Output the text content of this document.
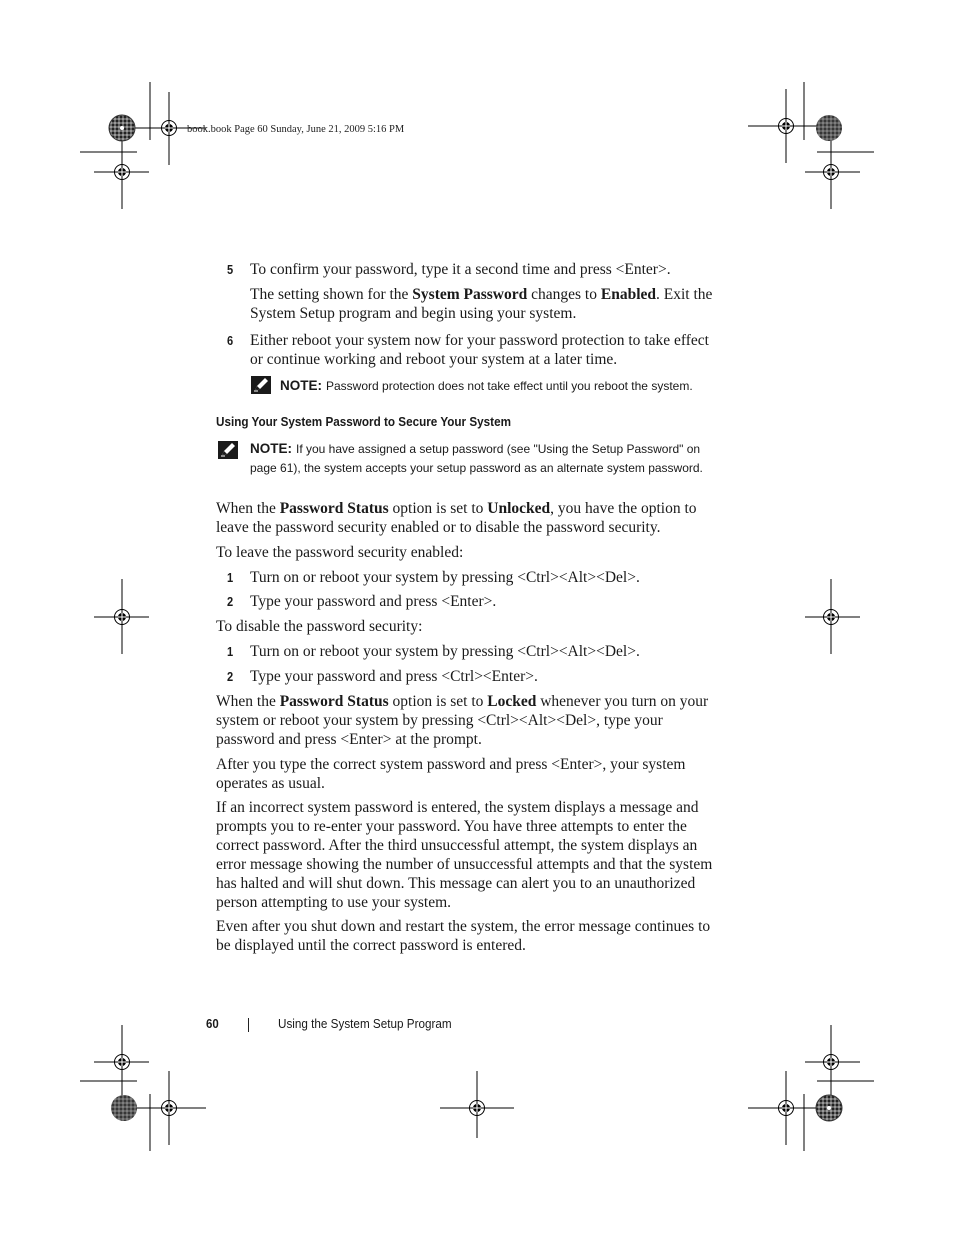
book.book Page 60 Sunday, June 21, 2009 5:16 PM
5 To confirm your password, type it a second time and press <Enter>.
The setting shown for the System Password changes to Enabled. Exit the System Setup program and begin using your system.
6 Either reboot your system now for your password protection to take effect or continue working and reboot your system at a later time.
NOTE: Password protection does not take effect until you reboot the system.
Using Your System Password to Secure Your System
NOTE: If you have assigned a setup password (see "Using the Setup Password" on page 61), the system accepts your setup password as an alternate system password.
When the Password Status option is set to Unlocked, you have the option to leave the password security enabled or to disable the password security.
To leave the password security enabled:
1 Turn on or reboot your system by pressing <Ctrl><Alt><Del>.
2 Type your password and press <Enter>.
To disable the password security:
1 Turn on or reboot your system by pressing <Ctrl><Alt><Del>.
2 Type your password and press <Ctrl><Enter>.
When the Password Status option is set to Locked whenever you turn on your system or reboot your system by pressing <Ctrl><Alt><Del>, type your password and press <Enter> at the prompt.
After you type the correct system password and press <Enter>, your system operates as usual.
If an incorrect system password is entered, the system displays a message and prompts you to re-enter your password. You have three attempts to enter the correct password. After the third unsuccessful attempt, the system displays an error message showing the number of unsuccessful attempts and that the system has halted and will shut down. This message can alert you to an unauthorized person attempting to use your system.
Even after you shut down and restart the system, the error message continues to be displayed until the correct password is entered.
60	Using the System Setup Program
